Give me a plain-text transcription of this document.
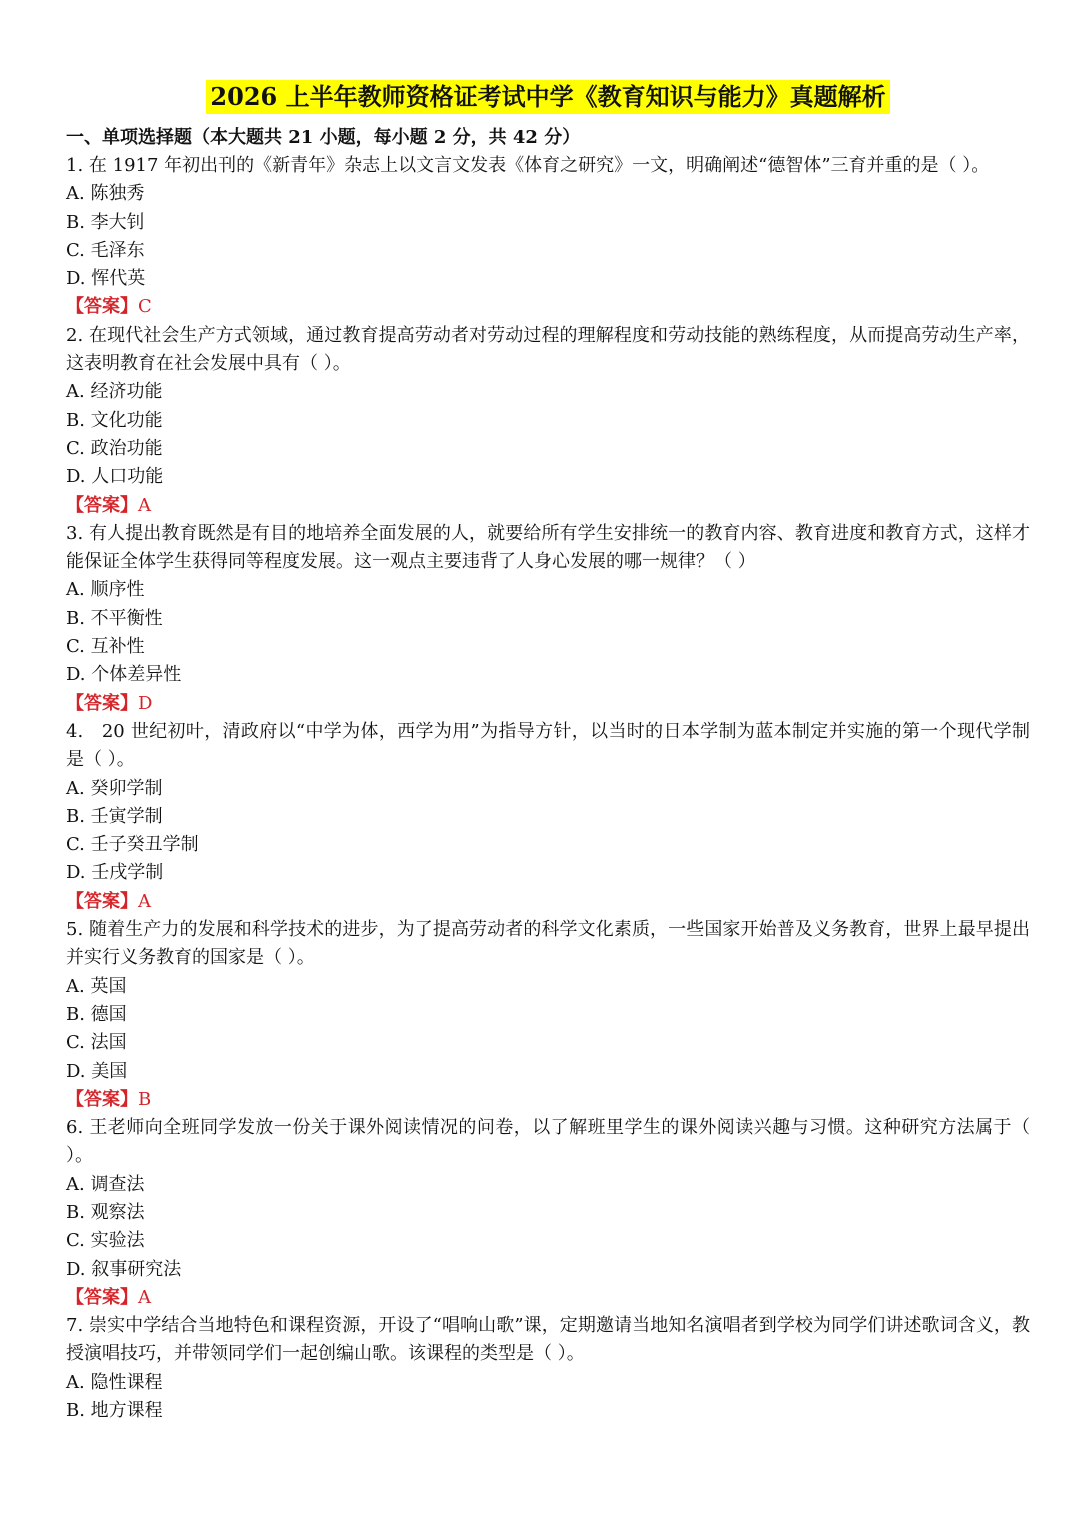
2026 上半年教师资格证考试中学《教育知识与能力》真题解析
一、单项选择题（本大题共 21 小题，每小题 2 分，共 42 分）

1. 在 1917 年初出刊的《新青年》杂志上以文言文发表《体育之研究》一文，明确阐述“德智体”三育并重的是（ ）。

A. 陈独秀

B. 李大钊

C. 毛泽东

D. 恽代英

【答案】C

2. 在现代社会生产方式领域，通过教育提高劳动者对劳动过程的理解程度和劳动技能的熟练程度，从而提高劳动生产率，这表明教育在社会发展中具有（ ）。

A. 经济功能

B. 文化功能

C. 政治功能

D. 人口功能

【答案】A

3. 有人提出教育既然是有目的地培养全面发展的人，就要给所有学生安排统一的教育内容、教育进度和教育方式，这样才能保证全体学生获得同等程度发展。这一观点主要违背了人身心发展的哪一规律？（ ）

A. 顺序性

B. 不平衡性

C. 互补性

D. 个体差异性

【答案】D

4.　20 世纪初叶，清政府以“中学为体，西学为用”为指导方针，以当时的日本学制为蓝本制定并实施的第一个现代学制是（ ）。

A. 癸卯学制

B. 壬寅学制

C. 壬子癸丑学制

D. 壬戌学制

【答案】A

5. 随着生产力的发展和科学技术的进步，为了提高劳动者的科学文化素质，一些国家开始普及义务教育，世界上最早提出并实行义务教育的国家是（ ）。

A. 英国

B. 德国

C. 法国

D. 美国

【答案】B

6. 王老师向全班同学发放一份关于课外阅读情况的问卷，以了解班里学生的课外阅读兴趣与习惯。这种研究方法属于（ ）。

A. 调查法

B. 观察法

C. 实验法

D. 叙事研究法

【答案】A

7. 崇实中学结合当地特色和课程资源，开设了“唱响山歌”课，定期邀请当地知名演唱者到学校为同学们讲述歌词含义，教授演唱技巧，并带领同学们一起创编山歌。该课程的类型是（ ）。

A. 隐性课程

B. 地方课程
